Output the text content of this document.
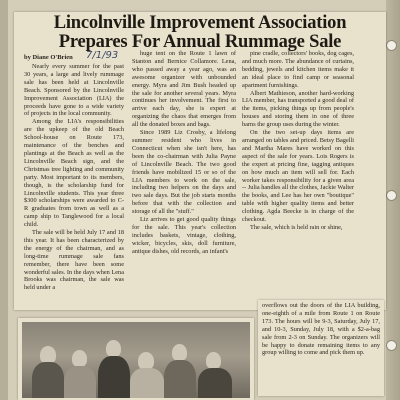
Lincolnville Improvement Association
Prepares For Annual Rummage Sale
by Diane O'Brien 7/1/93

Nearly every summer for the past 30 years, a large and lively rummage sale has been held at Lincolnville Beach. Sponsored by the Lincolnville Improvement Association (LIA) the proceeds have gone to a wide variety of projects in the local community.

Among the LIA's responsibilities are the upkeep of the old Beach School-house on Route 173, maintenance of the benches and plantings at the Beach as well as the Lincolnville Beach sign, and the Christmas tree lighting and community party. Most important to its members, though, is the scholarship fund for Lincolnville students. This year three $300 scholarships were awarded to C-R graduates from town as well as a camp ship to Tanglewood for a local child.

The sale will be held July 17 and 18 this year. It has been characterized by the energy of the chairman, and as long-time rummage sale fans remember, there have been some wonderful sales. In the days when Lena Brooks was chairman, the sale was held under a

huge tent on the Route 1 lawn of Stanton and Bernice Collamore. Lena, who passed away a year ago, was an awesome organizer with unbounded energy. Myra and Jim Bush headed up the sale for another several years. Myra continues her involvement. The first to arrive each day, she is expert at organizing the chaos that emerges from all the donated boxes and bags.

Since 1989 Liz Crosby, a lifelong summer resident who lives in Connecticut when she isn't here, has been the co-chairman with Julia Payne of Lincolnville Beach. The two good friends have mobilized 15 or so of the LIA members to work on the sale, including two helpers on the days and two sale days. But the job starts months before that with the collection and storage of all the "stuff."

Liz arrives to get good quality things for the sale. This year's collection includes baskets, vintage, clothing, wicker, bicycles, skis, doll furniture, antique dishes, old records, an infant's

pine cradle, collectors' books, dog cages, and much more. The abundance of curtains, bedding, jewels and kitchen items make it an ideal place to find camp or seasonal apartment furnishings.

Albert Mathieson, another hard-working LIA member, has transported a good deal of the items, picking things up from people's houses and storing them in one of three barns the group uses during the winter.

On the two set-up days items are arranged on tables and priced. Betsy Bagelli and Martha Mares have worked on this aspect of the sale for years. Lois Rogers is the expert at pricing fine, tagging antiques on how much an item will sell for. Each worker takes responsibility for a given area -- Julia handles all the clothes, Jackie Walter the books, and Lee has her own "boutique" table with higher quality items and better clothing. Agda Beecke is in charge of the checkout.

The sale, which is held rain or shine,

overflows out the doors of the LIA building, one-eighth of a mile from Route 1 on Route 173. The hours will be 9-3, Saturday, July 17, and 10-3, Sunday, July 18, with a $2-a-bag sale from 2-3 on Sunday. The organizers will be happy to donate remaining items to any group willing to come and pick them up.
